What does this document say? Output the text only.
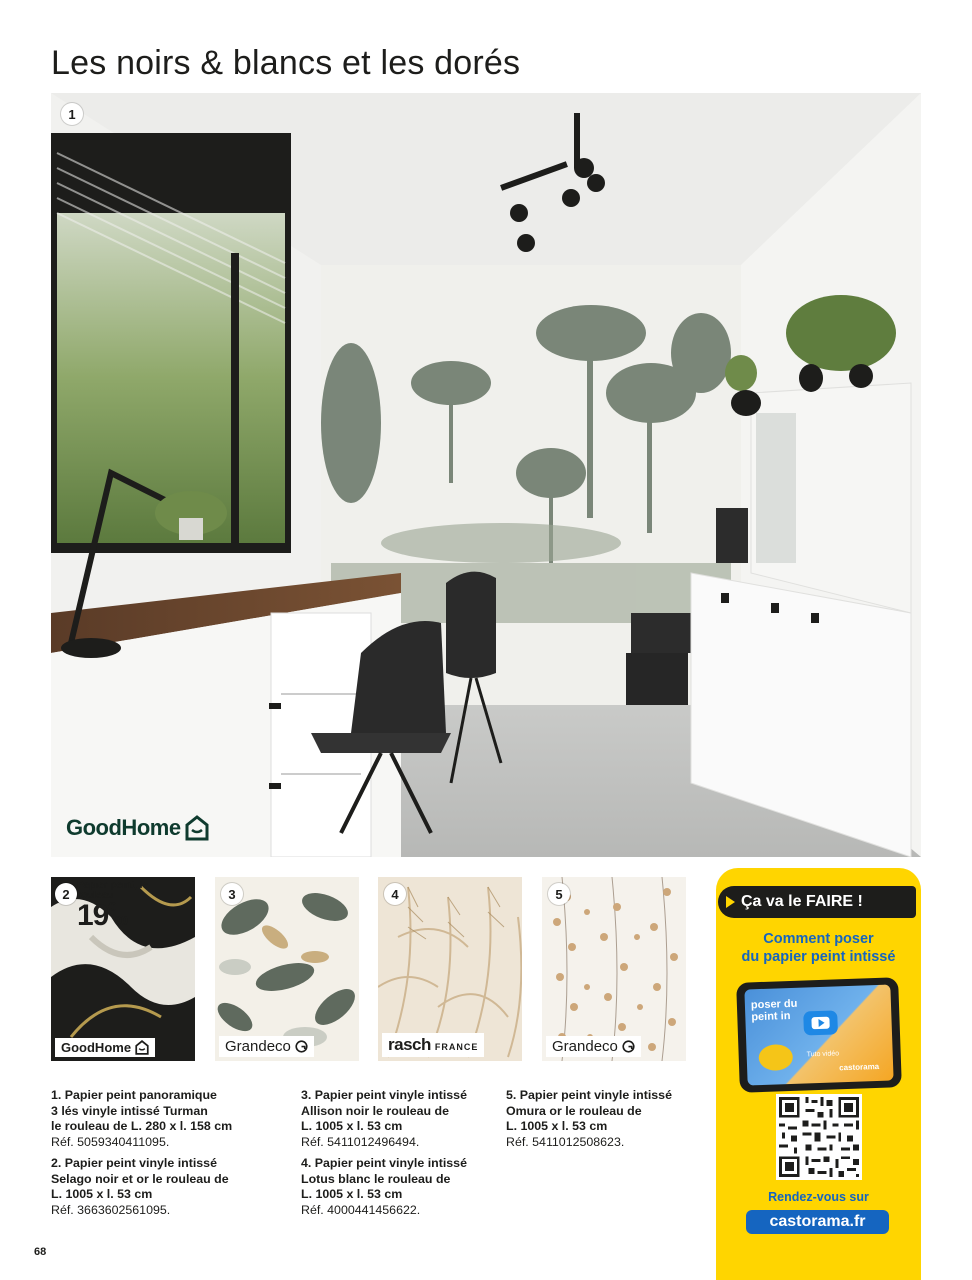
Les noirs & blancs et les dorés
1
GoodHome
2
Papier peint, le rouleau
19€90
GoodHome
3
Grandeco
4
rasch FRANCE
5
Grandeco
1. Papier peint panoramique
3 lés vinyle intissé Turman
le rouleau de L. 280 x l. 158 cm
Réf. 5059340411095.
2. Papier peint vinyle intissé
Selago noir et or le rouleau de
L. 1005 x l. 53 cm
Réf. 3663602561095.
3. Papier peint vinyle intissé
Allison noir le rouleau de
L. 1005 x l. 53 cm
Réf. 5411012496494.
4. Papier peint vinyle intissé
Lotus blanc le rouleau de
L. 1005 x l. 53 cm
Réf. 4000441456622.
5. Papier peint vinyle intissé
Omura or le rouleau de
L. 1005 x l. 53 cm
Réf. 5411012508623.
Ça va le FAIRE !
Comment poser
du papier peint intissé
poser du
peint in
Tuto vidéo
castorama
Rendez-vous sur
castorama.fr
68
